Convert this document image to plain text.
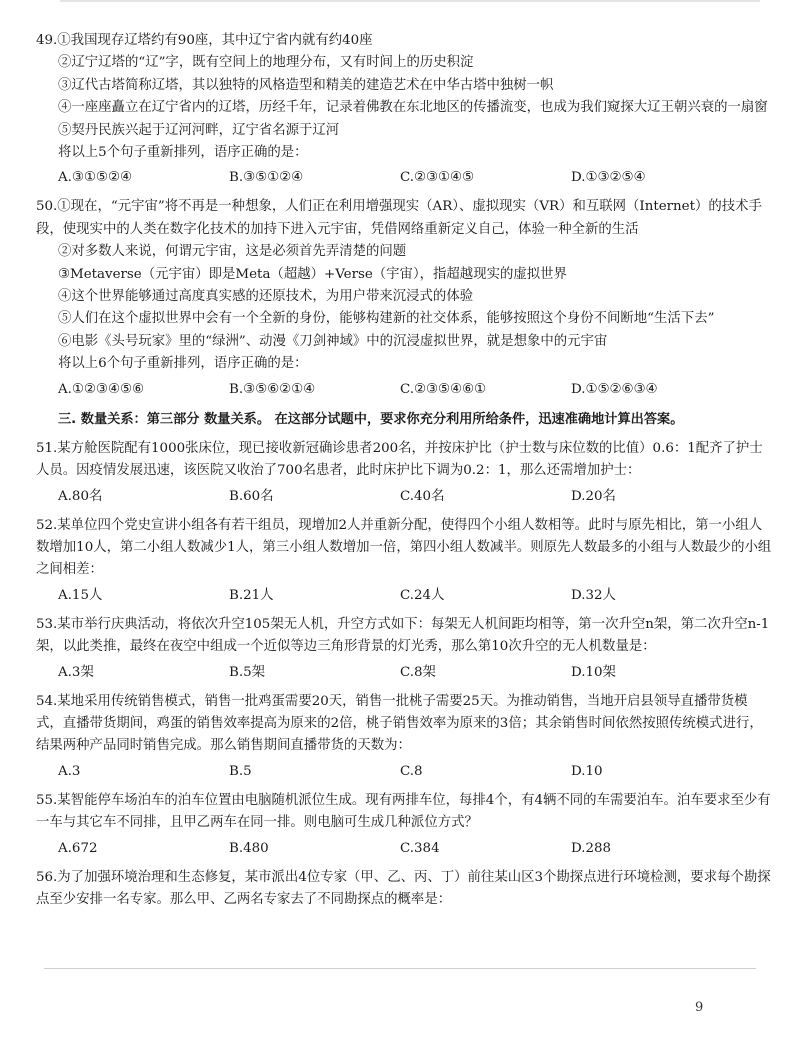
49.①我国现存辽塔约有90座，其中辽宁省内就有约40座
②辽宁辽塔的“辽”字，既有空间上的地理分布，又有时间上的历史积淀
③辽代古塔简称辽塔，其以独特的风格造型和精美的建造艺术在中华古塔中独树一帜
④一座座矗立在辽宁省内的辽塔，历经千年，记录着佛教在东北地区的传播流变，也成为我们窥探大辽王朝兴衰的一扇窗
⑤契丹民族兴起于辽河河畔，辽宁省名源于辽河
将以上5个句子重新排列，语序正确的是：
A.③①⑤②④	B.③⑤①②④	C.②③①④⑤	D.①③②⑤④
50.①现在，“元宇宙”将不再是一种想象，人们正在利用增强现实（AR）、虚拟现实（VR）和互联网（Internet）的技术手段，使现实中的人类在数字化技术的加持下进入元宇宙，凭借网络重新定义自己，体验一种全新的生活
②对多数人来说，何谓元宇宙，这是必须首先弄清楚的问题
③Metaverse（元宇宙）即是Meta（超越）+Verse（宇宙），指超越现实的虚拟世界
④这个世界能够通过高度真实感的还原技术，为用户带来沉浸式的体验
⑤人们在这个虚拟世界中会有一个全新的身份，能够构建新的社交体系，能够按照这个身份不间断地“生活下去”
⑥电影《头号玩家》里的“绿洲”、动漫《刀剑神域》中的沉浸虚拟世界，就是想象中的元宇宙
将以上6个句子重新排列，语序正确的是：
A.①②③④⑤⑥	B.③⑤⑥②①④	C.②③⑤④⑥①	D.①⑤②⑥③④
三. 数量关系：第三部分 数量关系。 在这部分试题中，要求你充分利用所给条件，迅速准确地计算出答案。
51.某方舱医院配有1000张床位，现已接收新冠确诊患者200名，并按床护比（护士数与床位数的比值）0.6：1配齐了护士人员。因疫情发展迅速，该医院又收治了700名患者，此时床护比下调为0.2：1，那么还需增加护士：
A.80名	B.60名	C.40名	D.20名
52.某单位四个党史宣讲小组各有若干组员，现增加2人并重新分配，使得四个小组人数相等。此时与原先相比，第一小组人数增加10人，第二小组人数减少1人，第三小组人数增加一倍，第四小组人数减半。则原先人数最多的小组与人数最少的小组之间相差：
A.15人	B.21人	C.24人	D.32人
53.某市举行庆典活动，将依次升空105架无人机，升空方式如下：每架无人机间距均相等，第一次升空n架，第二次升空n-1架，以此类推，最终在夜空中组成一个近似等边三角形背景的灯光秀，那么第10次升空的无人机数量是：
A.3架	B.5架	C.8架	D.10架
54.某地采用传统销售模式，销售一批鸡蛋需要20天，销售一批桃子需要25天。为推动销售，当地开启县领导直播带货模式，直播带货期间，鸡蛋的销售效率提高为原来的2倍，桃子销售效率为原来的3倍；其余销售时间依然按照传统模式进行，结果两种产品同时销售完成。那么销售期间直播带货的天数为：
A.3	B.5	C.8	D.10
55.某智能停车场泊车的泊车位置由电脑随机派位生成。现有两排车位，每排4个，有4辆不同的车需要泊车。泊车要求至少有一车与其它车不同排，且甲乙两车在同一排。则电脑可生成几种派位方式？
A.672	B.480	C.384	D.288
56.为了加强环境治理和生态修复，某市派出4位专家（甲、乙、丙、丁）前往某山区3个勘探点进行环境检测，要求每个勘探点至少安排一名专家。那么甲、乙两名专家去了不同勘探点的概率是：
9
